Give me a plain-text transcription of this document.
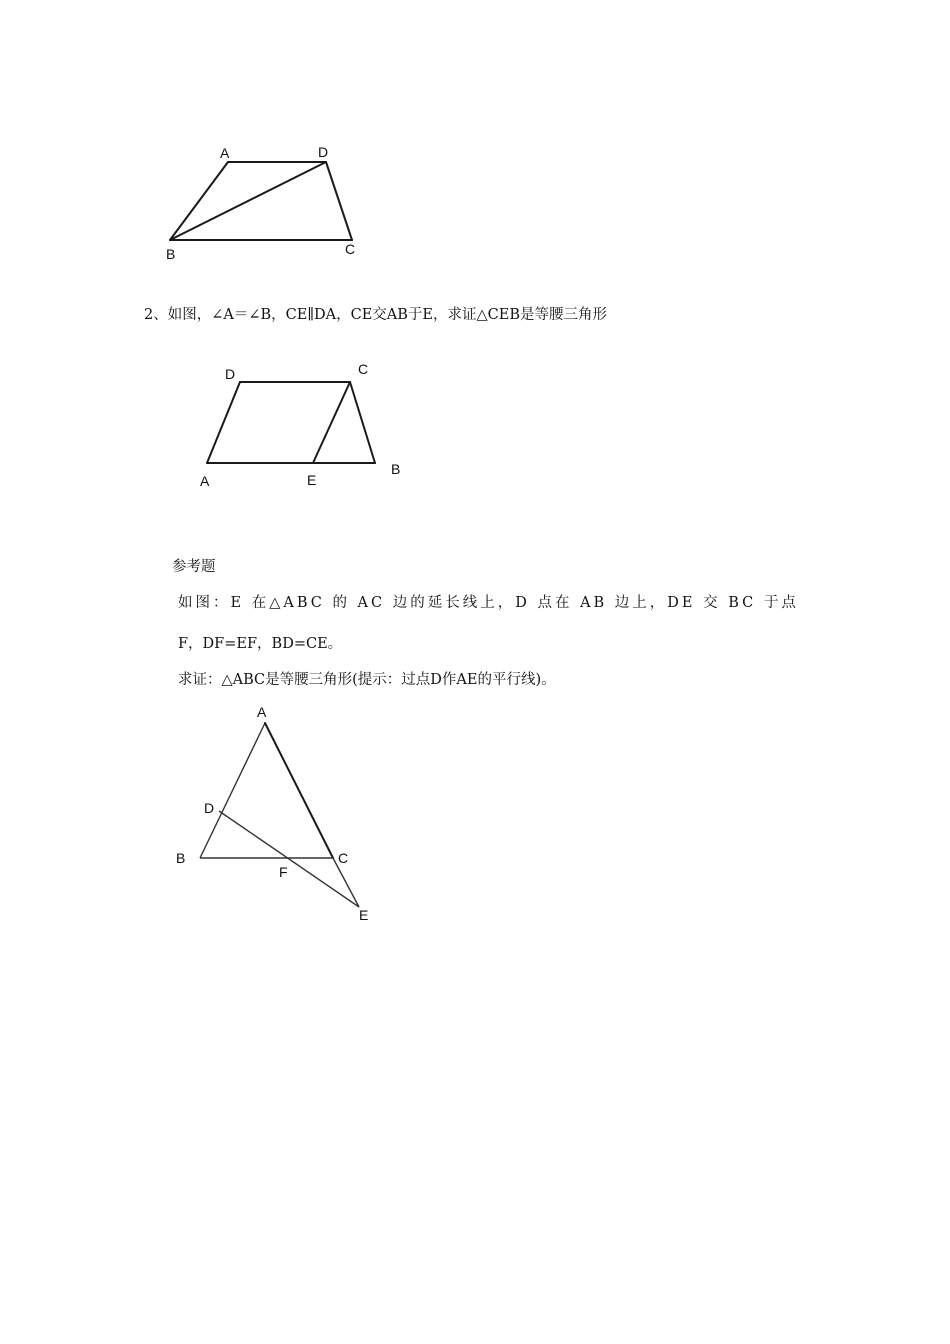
A	D
B	C
2、如图，∠A＝∠B，CE∥DA，CE交AB于E，求证△CEB是等腰三角形
D	C
A	E
B
参考题
如图：E 在△ABC 的 AC 边的延长线上，D 点在 AB 边上，DE 交 BC 于点
F，DF=EF，BD=CE。
求证：△ABC是等腰三角形(提示：过点D作AE的平行线)。
A
D
B	C
F
E
